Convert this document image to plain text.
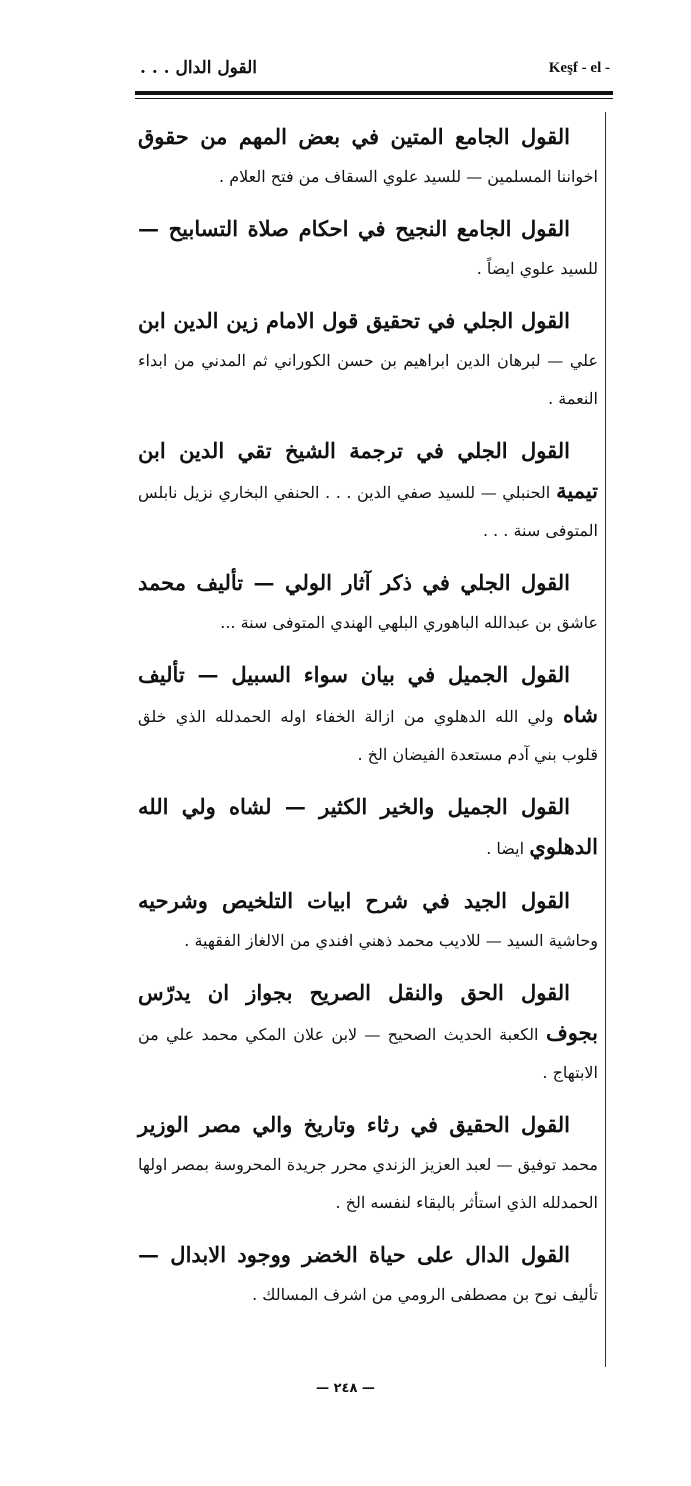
القول الدال . . .	Keşf - el -
القول الجامع المتين في بعض المهم من حقوق اخواننا المسلمين — للسيد علوي السقاف من فتح العلام .
القول الجامع النجيح في احكام صلاة التسابيح — للسيد علوي ايضاً .
القول الجلي في تحقيق قول الامام زين الدين ابن علي — لبرهان الدين ابراهيم بن حسن الكوراني ثم المدني من ابداء النعمة .
القول الجلي في ترجمة الشيخ تقي الدين ابن تيمية الحنبلي — للسيد صفي الدين . . . الحنفي البخاري نزيل نابلس المتوفى سنة . . .
القول الجلي في ذكر آثار الولي — تأليف محمد عاشق بن عبدالله الباهوري البلهي الهندي المتوفى سنة ...
القول الجميل في بيان سواء السبيل — تأليف شاه ولي الله الدهلوي من ازالة الخفاء اوله الحمدلله الذي خلق قلوب بني آدم مستعدة الفيضان الخ .
القول الجميل والخير الكثير — لشاه ولي الله الدهلوي ايضا .
القول الجيد في شرح ابيات التلخيص وشرحيه وحاشية السيد — للاديب محمد ذهني افندي من الالغاز الفقهية .
القول الحق والنقل الصريح بجواز ان يدرّس بجوف الكعبة الحديث الصحيح — لابن علان المكي محمد علي من الابتهاج .
القول الحقيق في رثاء وتاريخ والي مصر الوزير محمد توفيق — لعبد العزيز الزندي محرر جريدة المحروسة بمصر اولها الحمدلله الذي استأثر بالبقاء لنفسه الخ .
القول الدال على حياة الخضر ووجود الابدال — تأليف نوح بن مصطفى الرومي من اشرف المسالك .
— ٢٤٨ —
